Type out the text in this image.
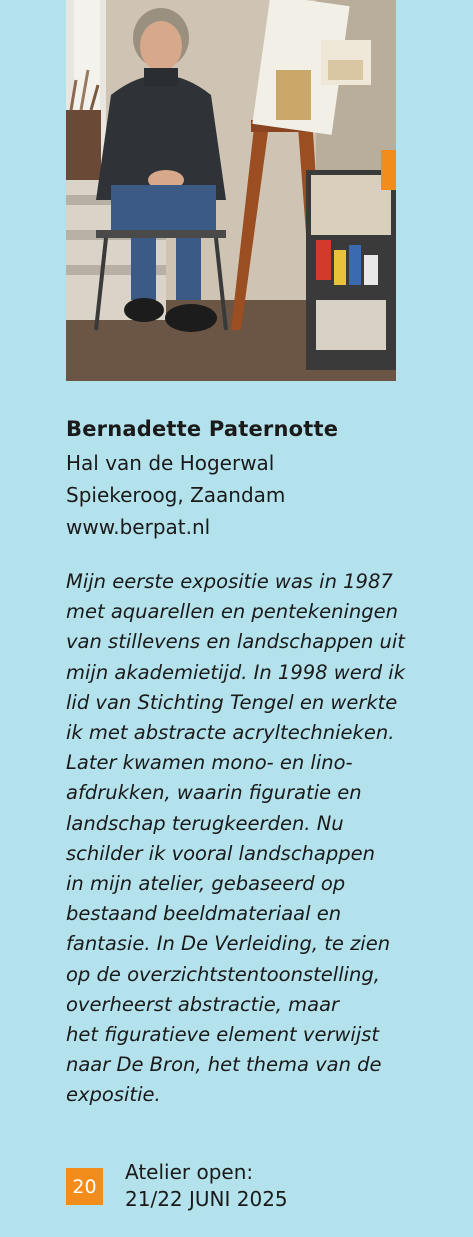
Bernadette Paternotte
Hal van de Hogerwal
Spiekeroog, Zaandam
www.berpat.nl
Mijn eerste expositie was in 1987
met aquarellen en pentekeningen
van stillevens en landschappen uit
mijn akademietijd. In 1998 werd ik
lid van Stichting Tengel en werkte
ik met abstracte acryltechnieken.
Later kwamen mono- en lino-
afdrukken, waarin figuratie en
landschap terugkeerden. Nu
schilder ik vooral landschappen
in mijn atelier, gebaseerd op
bestaand beeldmateriaal en
fantasie. In De Verleiding, te zien
op de overzichtstentoonstelling,
overheerst abstractie, maar
het figuratieve element verwijst
naar De Bron, het thema van de
expositie.
20
Atelier open:
21/22 JUNI 2025
